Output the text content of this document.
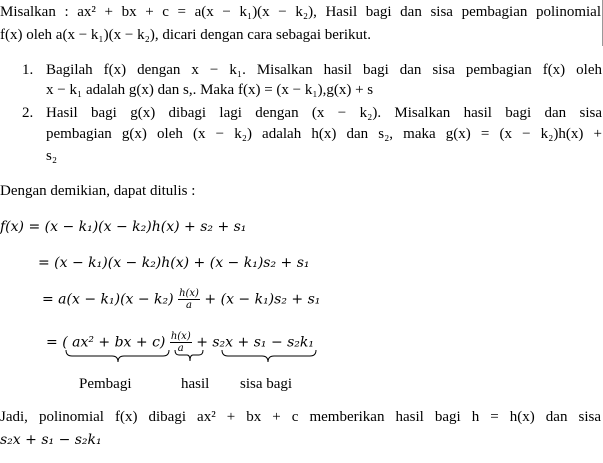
Misalkan : ax² + bx + c = a(x − k₁)(x − k₂), Hasil bagi dan sisa pembagian polinomial
f(x) oleh a(x − k₁)(x − k₂), dicari dengan cara sebagai berikut.
1. Bagilah f(x) dengan x − k₁. Misalkan hasil bagi dan sisa pembagian f(x) oleh
x − k₁ adalah g(x) dan s,. Maka f(x) = (x − k₁),g(x) + s
2. Hasil bagi g(x) dibagi lagi dengan (x − k₂). Misalkan hasil bagi dan sisa
pembagian g(x) oleh (x − k₂) adalah h(x) dan s₂, maka g(x) = (x − k₂)h(x) +
s₂
Dengan demikian, dapat ditulis :
f(x) = (x − k₁)(x − k₂)h(x) + s₂ + s₁
= (x − k₁)(x − k₂)h(x) + (x − k₁)s₂ + s₁
= $a(x - k_1)(x - k_2) \frac{h(x)}{a} + (x - k_1)s_2 + s_1$
= ( ax² + bx + $c) \frac{h(x)}{a} + s_2x + s_1 - s_2k_1$
Pembagi	hasil sisa bagi
Jadi, polinomial f(x) dibagi ax² + bx + c memberikan hasil bagi h = h(x) dan sisa
s₂x + s₁ − s₂k₁
